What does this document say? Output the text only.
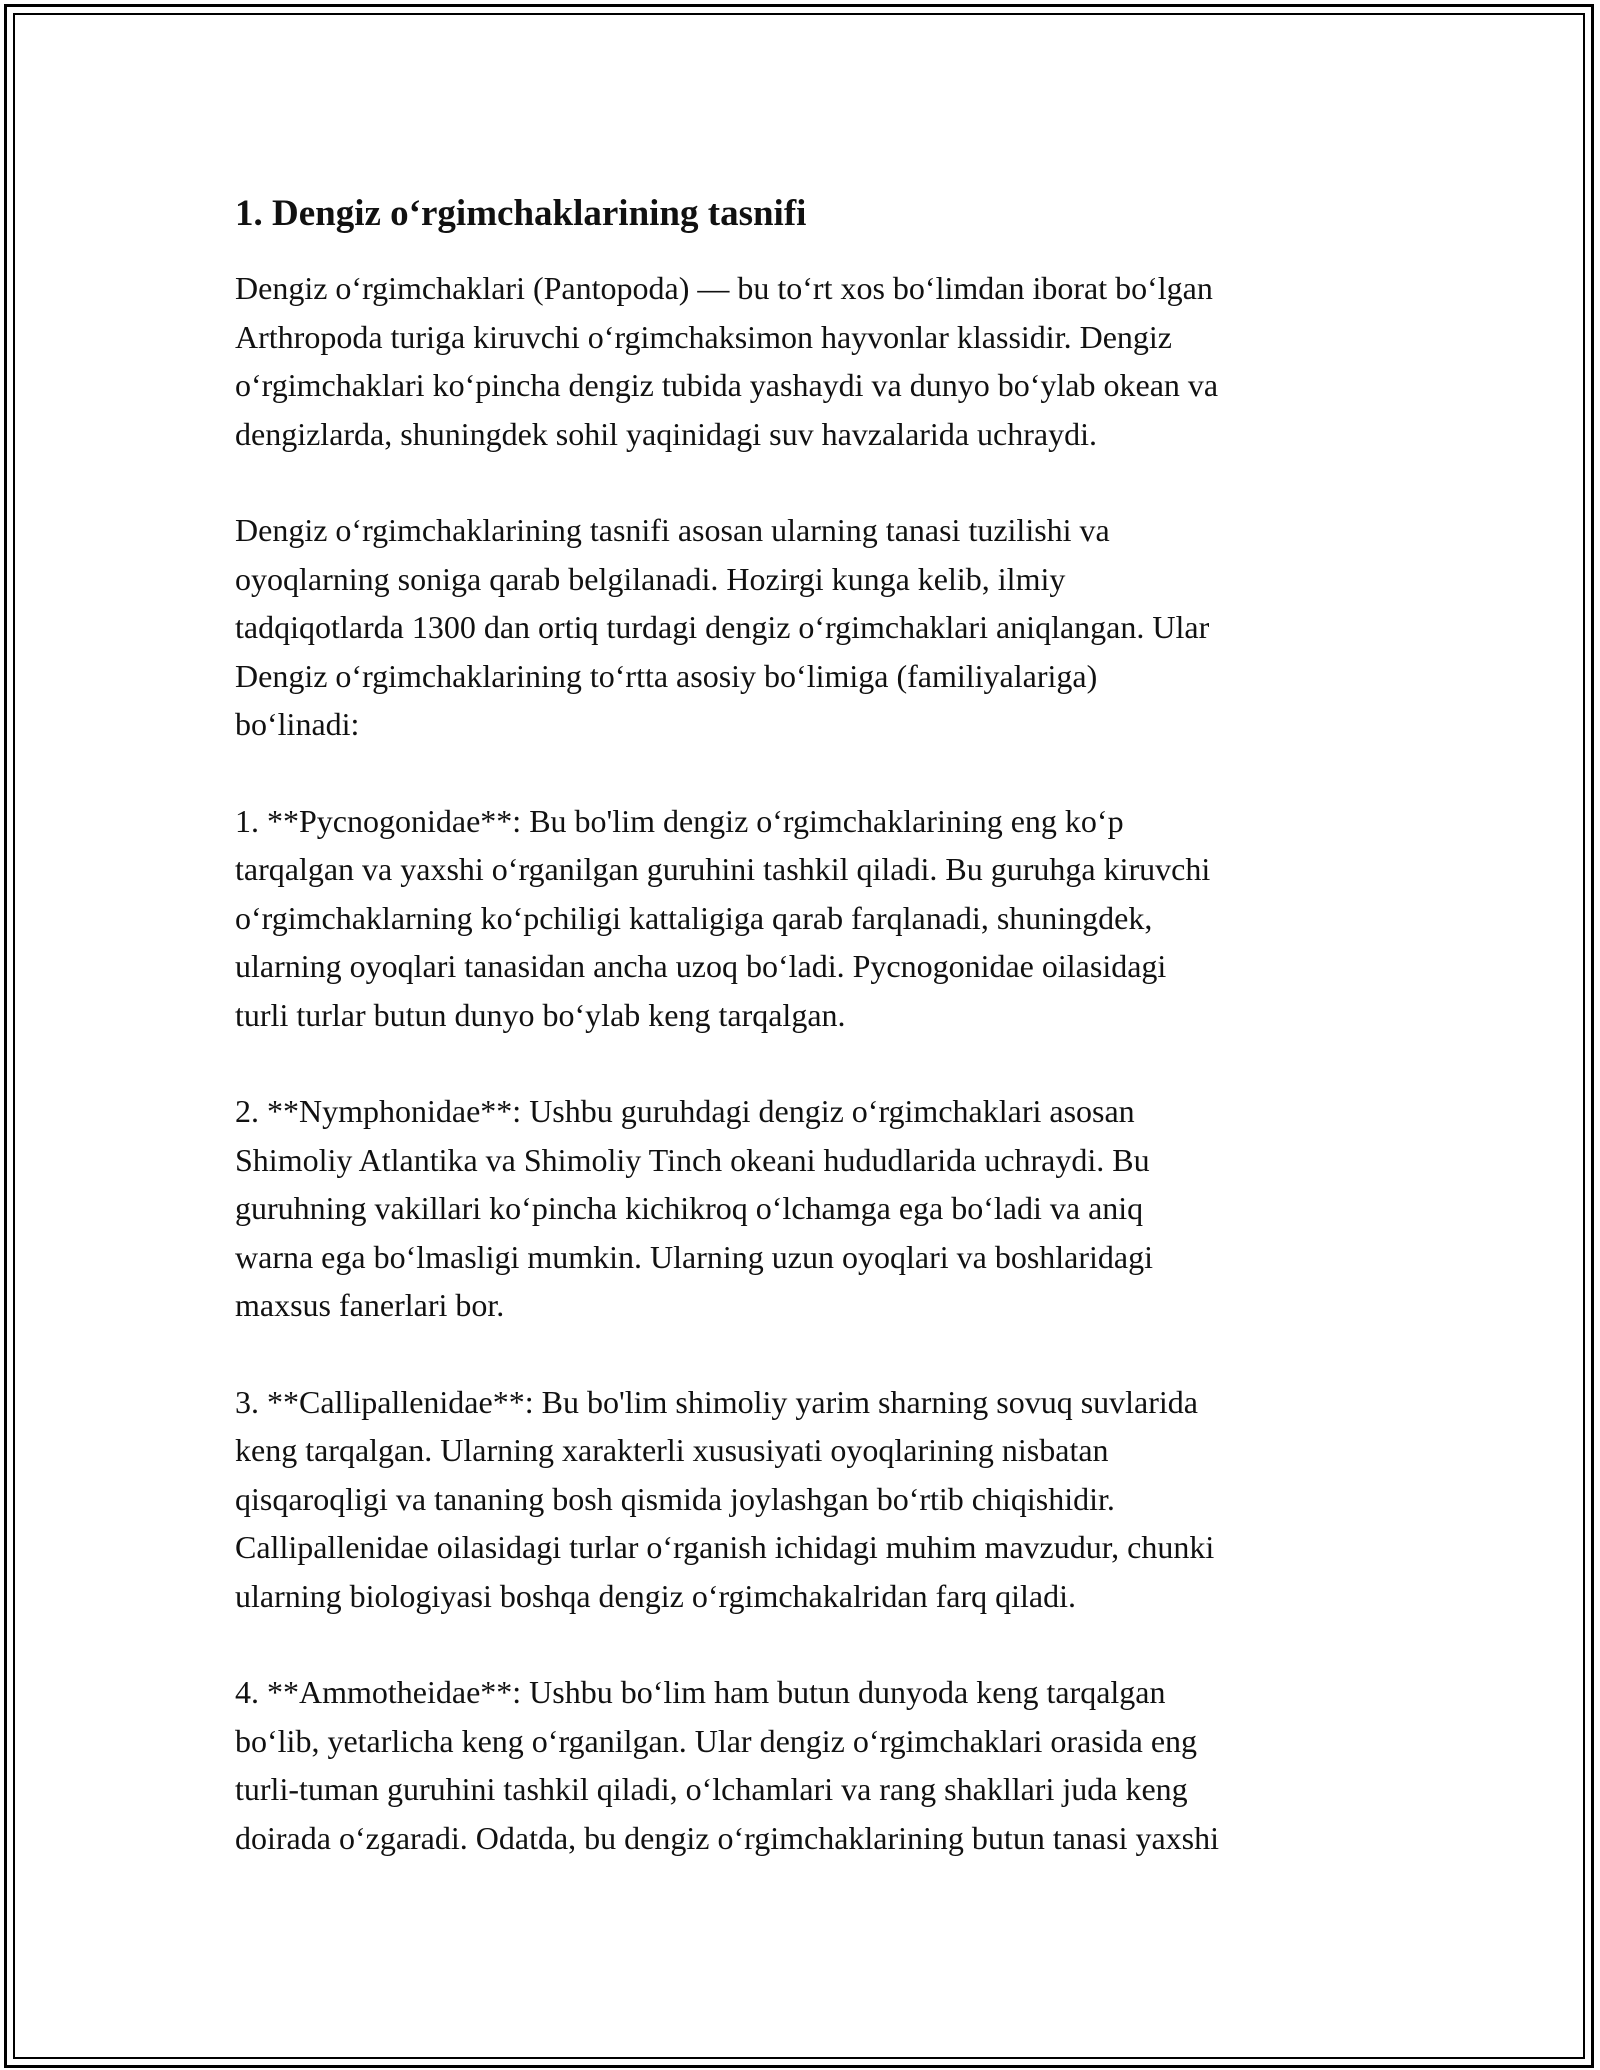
1. Dengiz o‘rgimchaklarining tasnifi

Dengiz o‘rgimchaklari (Pantopoda) — bu to‘rt xos bo‘limdan iborat bo‘lgan
Arthropoda turiga kiruvchi o‘rgimchaksimon hayvonlar klassidir. Dengiz
o‘rgimchaklari ko‘pincha dengiz tubida yashaydi va dunyo bo‘ylab okean va
dengizlarda, shuningdek sohil yaqinidagi suv havzalarida uchraydi.

Dengiz o‘rgimchaklarining tasnifi asosan ularning tanasi tuzilishi va
oyoqlarning soniga qarab belgilanadi. Hozirgi kunga kelib, ilmiy
tadqiqotlarda 1300 dan ortiq turdagi dengiz o‘rgimchaklari aniqlangan. Ular
Dengiz o‘rgimchaklarining to‘rtta asosiy bo‘limiga (familiyalariga)
bo‘linadi:

1. **Pycnogonidae**: Bu bo'lim dengiz o‘rgimchaklarining eng ko‘p
tarqalgan va yaxshi o‘rganilgan guruhini tashkil qiladi. Bu guruhga kiruvchi
o‘rgimchaklarning ko‘pchiligi kattaligiga qarab farqlanadi, shuningdek,
ularning oyoqlari tanasidan ancha uzoq bo‘ladi. Pycnogonidae oilasidagi
turli turlar butun dunyo bo‘ylab keng tarqalgan.

2. **Nymphonidae**: Ushbu guruhdagi dengiz o‘rgimchaklari asosan
Shimoliy Atlantika va Shimoliy Tinch okeani hududlarida uchraydi. Bu
guruhning vakillari ko‘pincha kichikroq o‘lchamga ega bo‘ladi va aniq
warna ega bo‘lmasligi mumkin. Ularning uzun oyoqlari va boshlaridagi
maxsus fanerlari bor.

3. **Callipallenidae**: Bu bo'lim shimoliy yarim sharning sovuq suvlarida
keng tarqalgan. Ularning xarakterli xususiyati oyoqlarining nisbatan
qisqaroqligi va tananing bosh qismida joylashgan bo‘rtib chiqishidir.
Callipallenidae oilasidagi turlar o‘rganish ichidagi muhim mavzudur, chunki
ularning biologiyasi boshqa dengiz o‘rgimchakalridan farq qiladi.

4. **Ammotheidae**: Ushbu bo‘lim ham butun dunyoda keng tarqalgan
bo‘lib, yetarlicha keng o‘rganilgan. Ular dengiz o‘rgimchaklari orasida eng
turli-tuman guruhini tashkil qiladi, o‘lchamlari va rang shakllari juda keng
doirada o‘zgaradi. Odatda, bu dengiz o‘rgimchaklarining butun tanasi yaxshi
